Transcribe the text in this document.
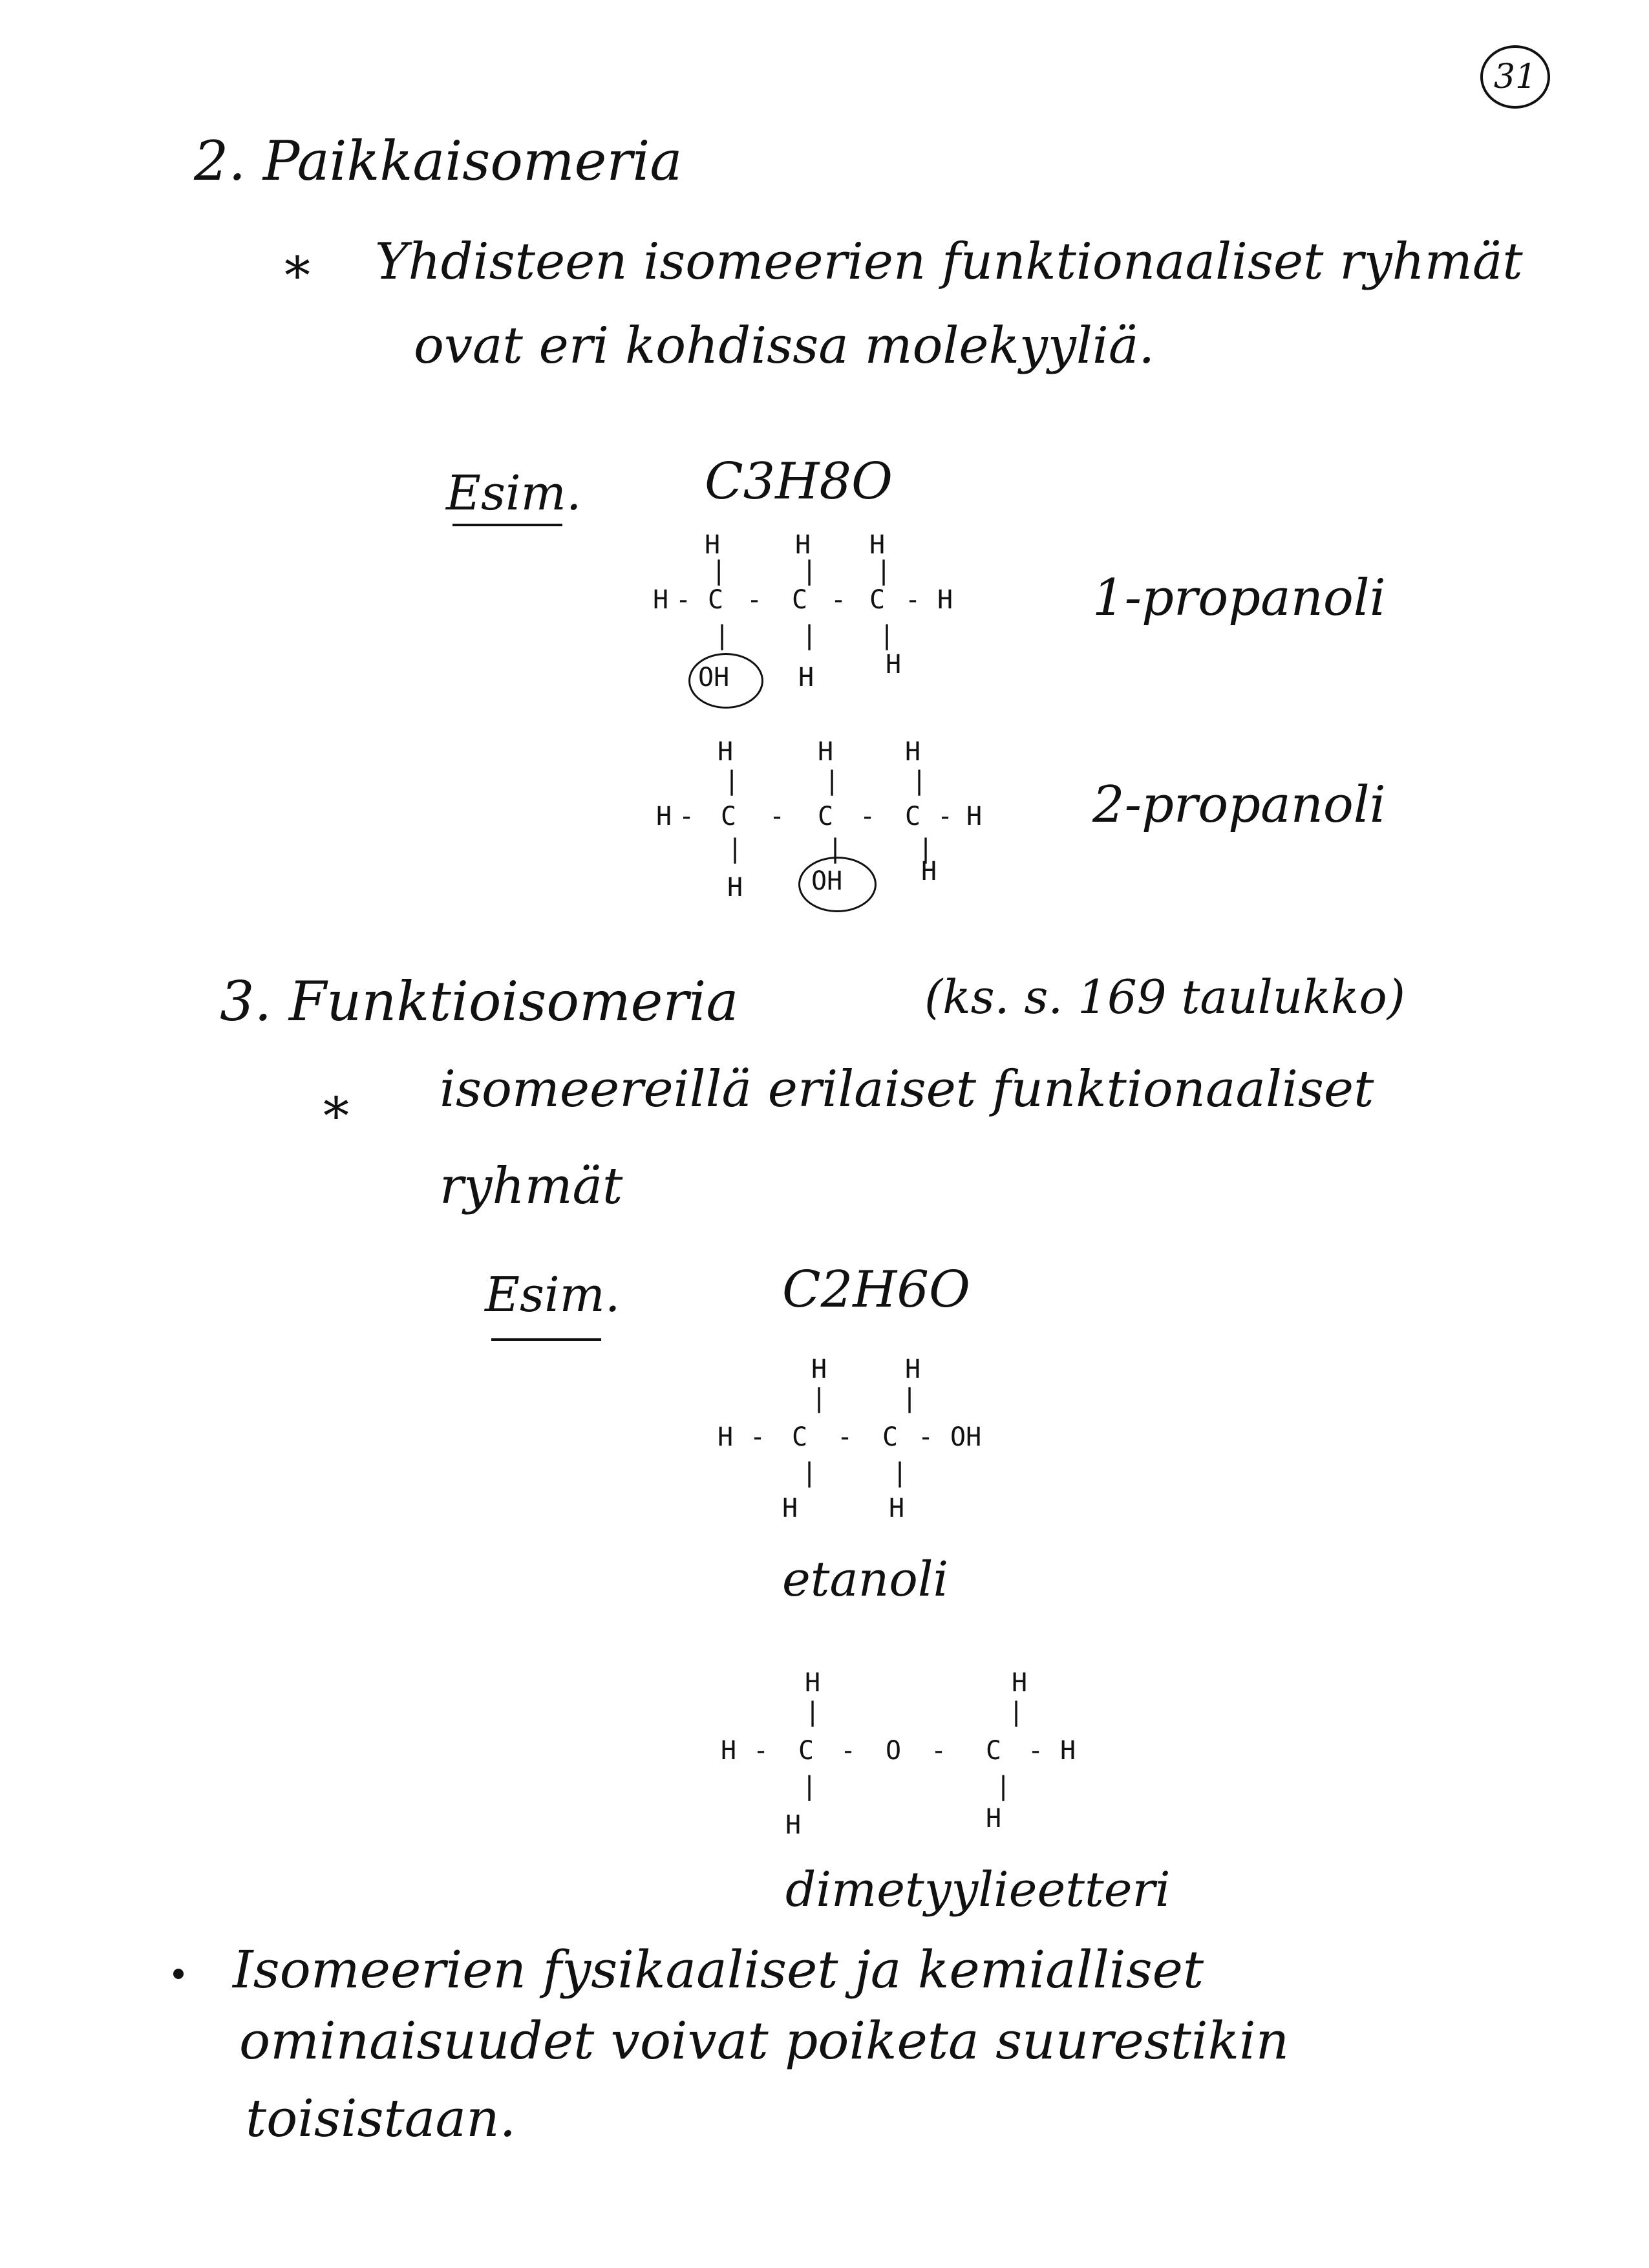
31
2. Paikkaisomeria
* Yhdisteen isomeerien funktionaaliset ryhmät
ovat eri kohdissa molekyyliä.
Esim. C3H8O
H	H H
|	| |
H - C - C - C - H
|	| |
OH	H	H
1-propanoli
H	H	H
|	|	|
H - C - C - C - H
|	|	|
H	OH	H
2-propanoli
3. Funktioisomeria	(ks. s. 169 taulukko)
* isomeereillä erilaiset funktionaaliset
ryhmät
Esim.	C2H6O
H	H
|	|
H - C - C - OH
|	|
H	H
etanoli
H	H
|	|
H - C - O - C - H
|	|
H	H
dimetyylieetteri
Isomeerien fysikaaliset ja kemialliset
ominaisuudet voivat poiketa suurestikin
toisistaan.
